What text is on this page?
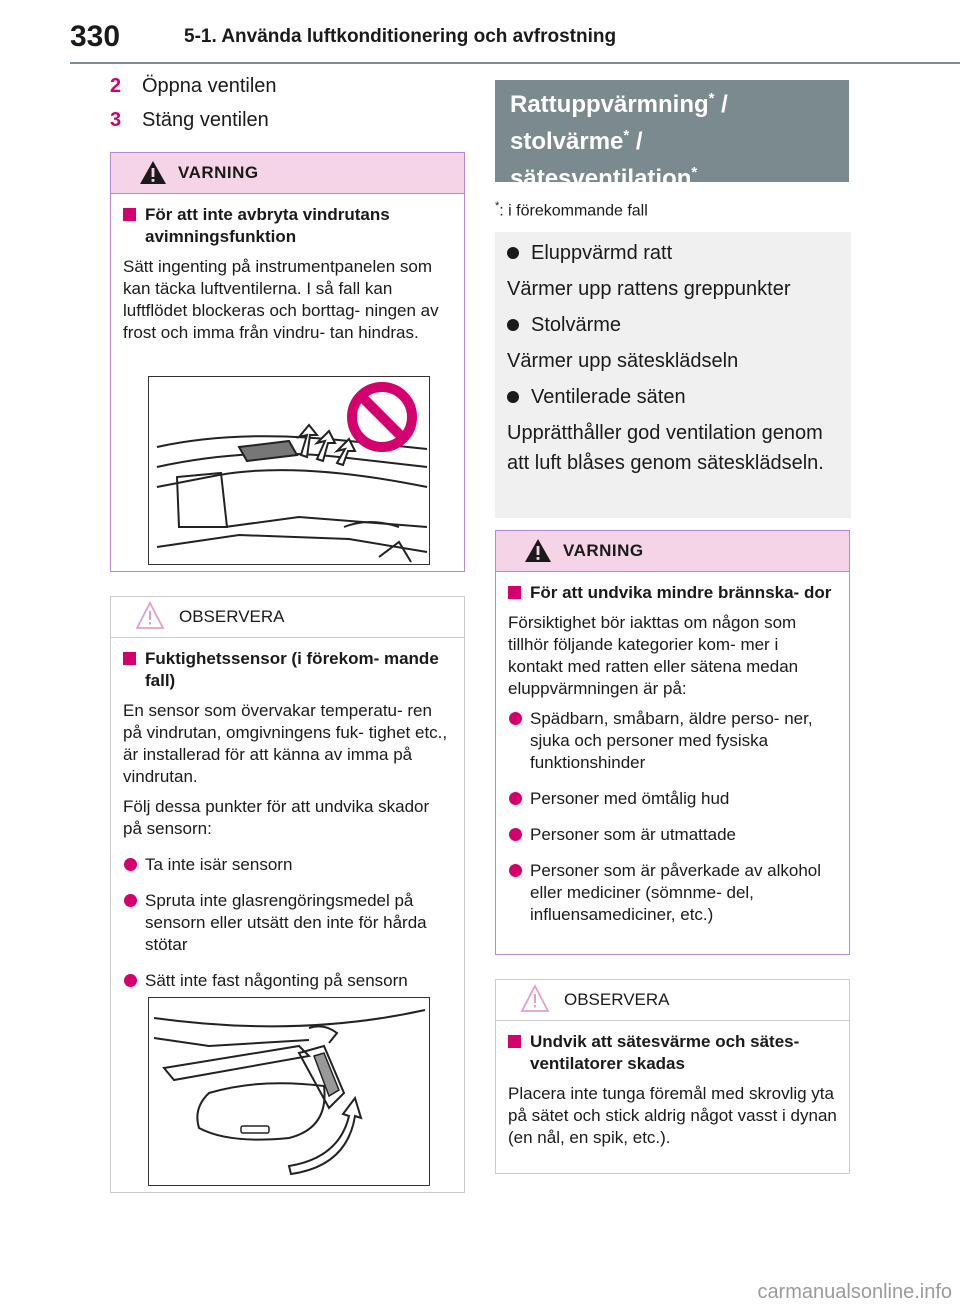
330	5-1. Använda luftkonditionering och avfrostning
2 Öppna ventilen
3 Stäng ventilen
VARNING
För att inte avbryta vindrutans avimningsfunktion
Sätt ingenting på instrumentpanelen som kan täcka luftventilerna. I så fall kan luftflödet blockeras och borttag- ningen av frost och imma från vindru- tan hindras.
OBSERVERA
Fuktighetssensor (i förekom- mande fall)
En sensor som övervakar temperatu- ren på vindrutan, omgivningens fuk- tighet etc., är installerad för att känna av imma på vindrutan.
Följ dessa punkter för att undvika skador på sensorn:
Ta inte isär sensorn
Spruta inte glasrengöringsmedel på sensorn eller utsätt den inte för hårda stötar
Sätt inte fast någonting på sensorn
Rattuppvärmning* /
stolvärme* /
sätesventilation*
*: i förekommande fall
Eluppvärmd ratt
Värmer upp rattens greppunkter
Stolvärme
Värmer upp sätesklädseln
Ventilerade säten
Upprätthåller god ventilation genom att luft blåses genom sätesklädseln.
VARNING
För att undvika mindre brännska- dor
Försiktighet bör iakttas om någon som tillhör följande kategorier kom- mer i kontakt med ratten eller sätena medan eluppvärmningen är på:
Spädbarn, småbarn, äldre perso- ner, sjuka och personer med fysiska funktionshinder
Personer med ömtålig hud
Personer som är utmattade
Personer som är påverkade av alkohol eller mediciner (sömnme- del, influensamediciner, etc.)
OBSERVERA
Undvik att sätesvärme och sätes- ventilatorer skadas
Placera inte tunga föremål med skrovlig yta på sätet och stick aldrig något vasst i dynan (en nål, en spik, etc.).
carmanualsonline.info
